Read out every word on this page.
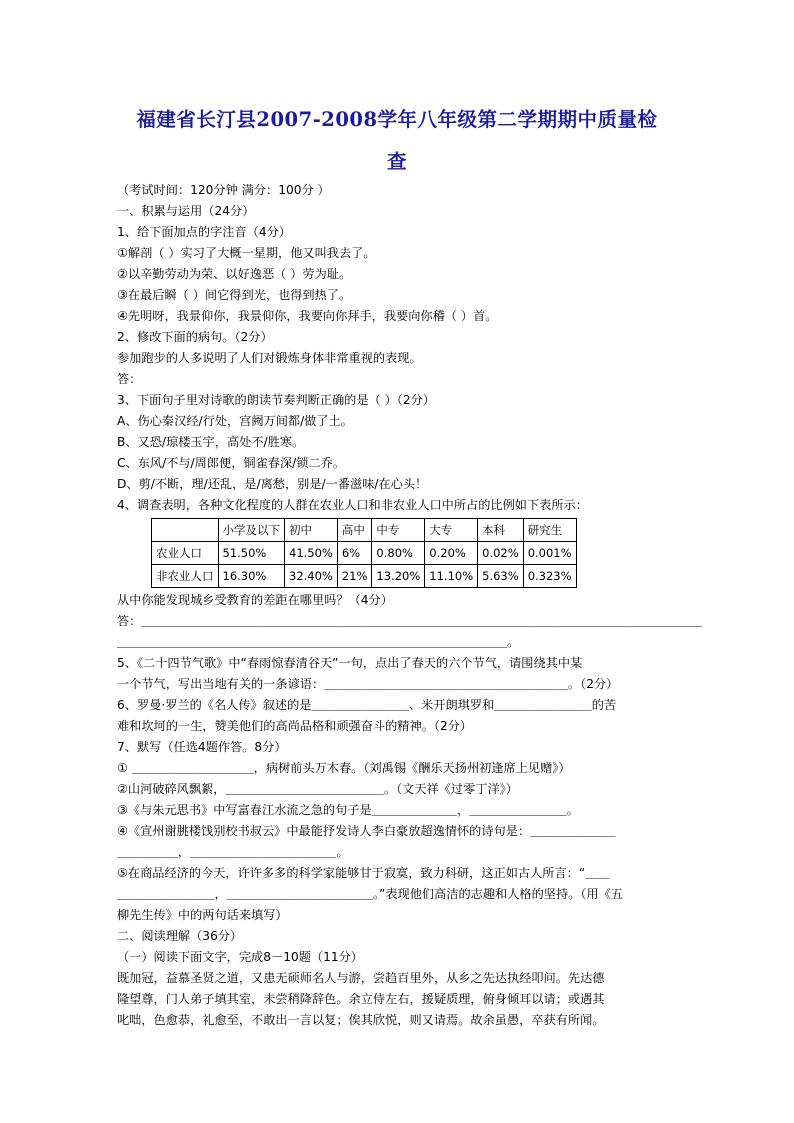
福建省长汀县2007-2008学年八年级第二学期期中质量检
查
（考试时间：120分钟 满分：100分 ）
一、积累与运用（24分）
1、给下面加点的字注音（4分）
①解剖（ ）实习了大概一星期，他又叫我去了。
②以辛勤劳动为荣、以好逸恶（ ）劳为耻。
③在最后瞬（ ）间它得到光，也得到热了。
④先明呀，我景仰你，我景仰你，我要向你拜手，我要向你稽（ ）首。
2、修改下面的病句。（2分）
参加跑步的人多说明了人们对锻炼身体非常重视的表现。
答：
3、下面句子里对诗歌的朗读节奏判断正确的是（ ）（2分）
A、伤心秦汉经/行处，宫阙万间都/做了土。
B、又恐/琼楼玉宇，高处不/胜寒。
C、东风/不与/周郎便，铜雀春深/锁二乔。
D、剪/不断，理/还乱，是/离愁，别是/一番滋味/在心头！
4、调查表明，各种文化程度的人群在农业人口和非农业人口中所占的比例如下表所示：
	小学及以下	初中	高中	中专	大专	本科	研究生
农业人口	51.50%	41.50%	6%	0.80%	0.20%	0.02%	0.001%
非农业人口	16.30%	32.40%	21%	13.20%	11.10%	5.63%	0.323%
从中你能发现城乡受教育的差距在哪里吗？（4分）
答：＿＿＿＿＿＿＿＿＿＿＿＿＿＿＿＿＿＿＿＿＿＿＿＿＿＿＿＿＿＿＿＿＿＿＿＿＿＿＿＿＿＿＿＿＿＿
＿＿＿＿＿＿＿＿＿＿＿＿＿＿＿＿＿＿＿＿＿＿＿＿＿＿＿＿＿＿＿＿。
5、《二十四节气歌》中“春雨惊春清谷天”一句，点出了春天的六个节气，请围绕其中某
一个节气，写出当地有关的一条谚语：＿＿＿＿＿＿＿＿＿＿＿＿＿＿＿＿＿＿＿＿。（2分）
6、罗曼·罗兰的《名人传》叙述的是＿＿＿＿＿＿＿＿、米开朗琪罗和＿＿＿＿＿＿＿＿的苦
难和坎坷的一生，赞美他们的高尚品格和顽强奋斗的精神。（2分）
7、默写（任选4题作答。8分）
① ＿＿＿＿＿＿＿＿＿＿，病树前头万木春。（刘禹锡《酬乐天扬州初逢席上见赠》）
②山河破碎风飘絮，＿＿＿＿＿＿＿＿＿＿＿＿＿。（文天祥《过零丁洋》）
③《与朱元思书》中写富春江水流之急的句子是＿＿＿＿＿＿＿，＿＿＿＿＿＿＿＿。
④《宣州谢朓楼饯别校书叔云》中最能抒发诗人李白豪放超逸情怀的诗句是：＿＿＿＿＿＿＿
＿＿＿＿＿，＿＿＿＿＿＿＿＿＿＿＿＿。
⑤在商品经济的今天，许许多多的科学家能够甘于寂寞，致力科研，这正如古人所言：“＿＿
＿＿＿＿＿＿＿＿，＿＿＿＿＿＿＿＿＿＿＿＿。”表现他们高洁的志趣和人格的坚持。（用《五
柳先生传》中的两句话来填写）
二、阅读理解（36分）
（一）阅读下面文字，完成8－10题（11分）
既加冠，益慕圣贤之道，又患无硕师名人与游，尝趋百里外，从乡之先达执经叩问。先达德
隆望尊，门人弟子填其室，未尝稍降辞色。余立侍左右，援疑质理，俯身倾耳以请；或遇其
叱咄，色愈恭，礼愈至，不敢出一言以复；俟其欣悦，则又请焉。故余虽愚，卒获有所闻。
